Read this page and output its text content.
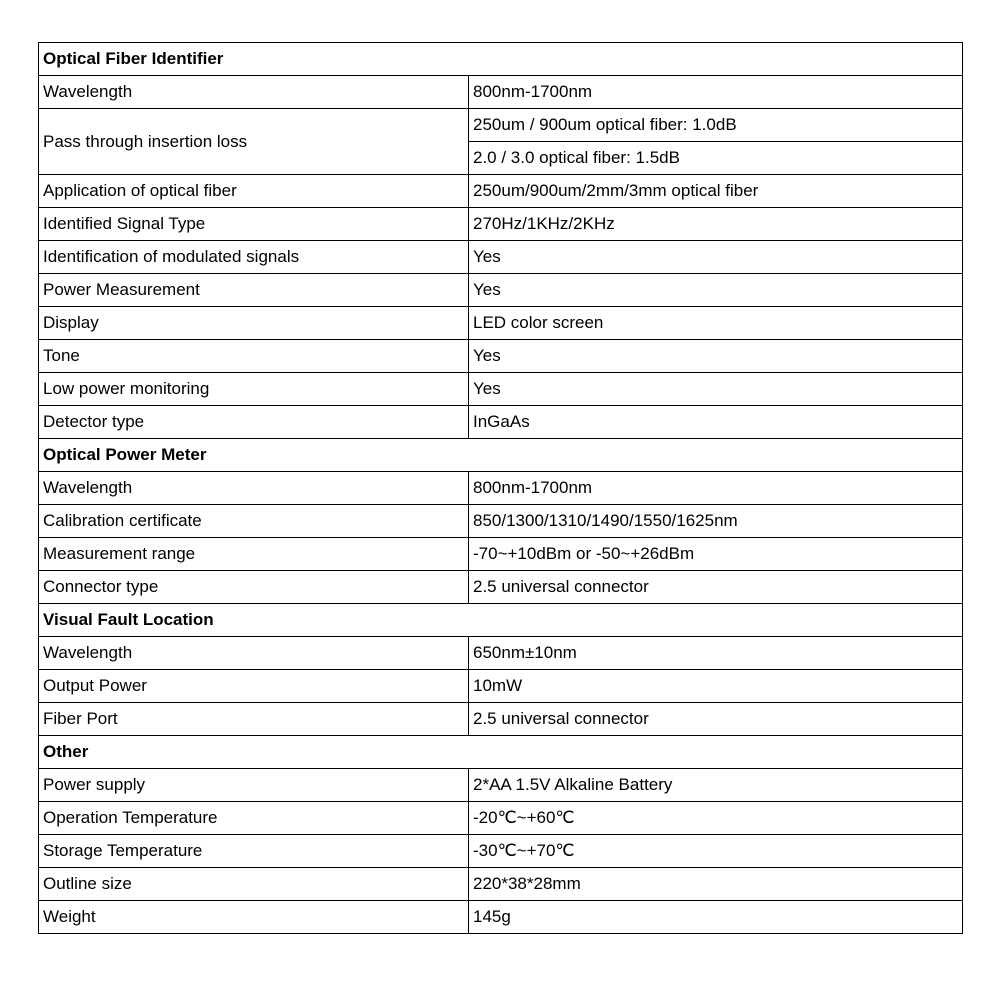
Optical Fiber Identifier	
Wavelength	800nm-1700nm
Pass through insertion loss	250um / 900um optical fiber: 1.0dB
	2.0 / 3.0 optical fiber: 1.5dB
Application of optical fiber	250um/900um/2mm/3mm optical fiber
Identified Signal Type	270Hz/1KHz/2KHz
Identification of modulated signals	Yes
Power Measurement	Yes
Display	LED color screen
Tone	Yes
Low power monitoring	Yes
Detector type	InGaAs
Optical Power Meter	
Wavelength	800nm-1700nm
Calibration certificate	850/1300/1310/1490/1550/1625nm
Measurement range	-70~+10dBm or -50~+26dBm
Connector type	2.5 universal connector
Visual Fault Location	
Wavelength	650nm±10nm
Output Power	10mW
Fiber Port	2.5 universal connector
Other	
Power supply	2*AA 1.5V Alkaline Battery
Operation Temperature	-20℃~+60℃
Storage Temperature	-30℃~+70℃
Outline size	220*38*28mm
Weight	145g
